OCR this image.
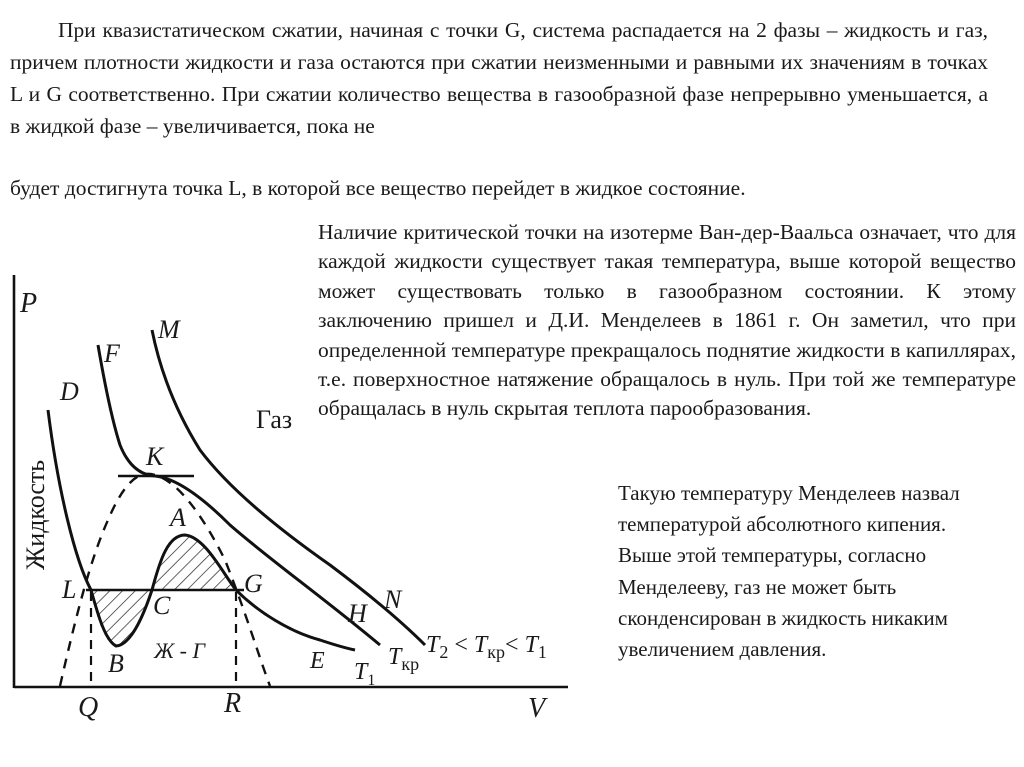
При квазистатическом сжатии, начиная с точки G, система распадается на 2 фазы – жидкость и газ, причем плотности жидкости и газа остаются при сжатии неизменными и равными их значениям в точках L и G соответственно. При сжатии количество вещества в газообразной фазе непрерывно уменьшается, а в жидкой фазе – увеличивается, пока не
будет достигнута точка L, в которой все вещество перейдет в жидкое состояние.
Наличие критической точки на изотерме Ван-дер-Ваальса означает, что для каждой жидкости существует такая температура, выше которой вещество может существовать только в газообразном состоянии. К этому заключению пришел и Д.И. Менделеев в 1861 г. Он заметил, что при определенной температуре прекращалось поднятие жидкости в капиллярах, т.е. поверхностное натяжение обращалось в нуль. При той же температуре обращалась в нуль скрытая теплота парообразования.
Такую температуру Менделеев назвал температурой абсолютного кипения. Выше этой температуры, согласно Менделееву, газ не может быть сконденсирован в жидкость никаким увеличением давления.
P
V
Жидкость
Газ
D
F
M
K
A
L	G
C
B Ж - Г	E
H N
Q	R
$T_1$
$T_{кр}$
$T_2 < T_{кр}< T_1$
